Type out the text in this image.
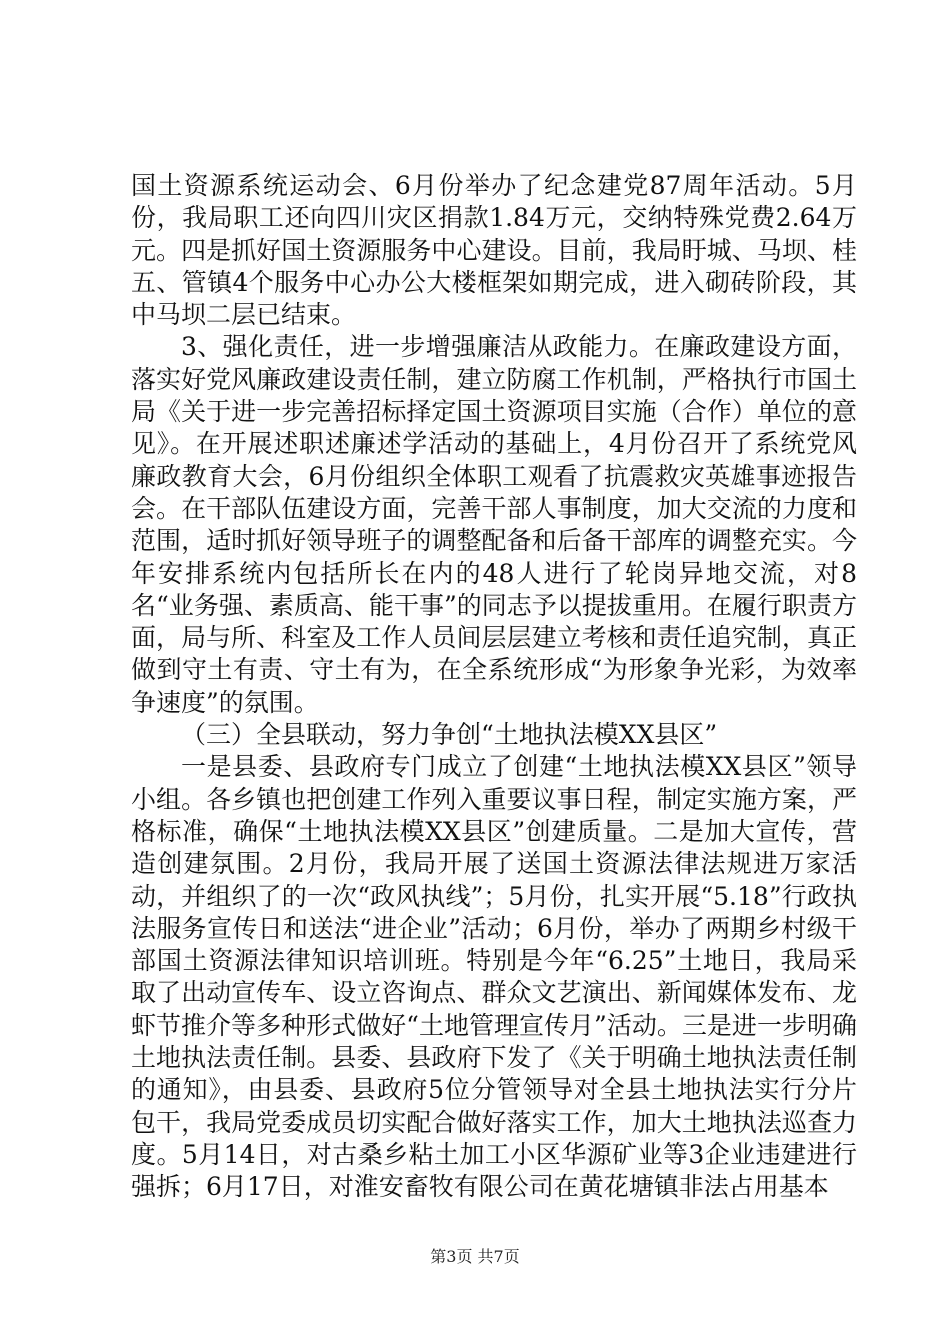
国土资源系统运动会、6月份举办了纪念建党87周年活动。5月份，我局职工还向四川灾区捐款1.84万元，交纳特殊党费2.64万元。四是抓好国土资源服务中心建设。目前，我局盱城、马坝、桂五、管镇4个服务中心办公大楼框架如期完成，进入砌砖阶段，其中马坝二层已结束。

3、强化责任，进一步增强廉洁从政能力。在廉政建设方面，落实好党风廉政建设责任制，建立防腐工作机制，严格执行市国土局《关于进一步完善招标择定国土资源项目实施（合作）单位的意见》。在开展述职述廉述学活动的基础上，4月份召开了系统党风廉政教育大会，6月份组织全体职工观看了抗震救灾英雄事迹报告会。在干部队伍建设方面，完善干部人事制度，加大交流的力度和范围，适时抓好领导班子的调整配备和后备干部库的调整充实。今年安排系统内包括所长在内的48人进行了轮岗异地交流，对8名“业务强、素质高、能干事”的同志予以提拔重用。在履行职责方面，局与所、科室及工作人员间层层建立考核和责任追究制，真正做到守土有责、守土有为，在全系统形成“为形象争光彩，为效率争速度”的氛围。

（三）全县联动，努力争创“土地执法模XX县区”

一是县委、县政府专门成立了创建“土地执法模XX县区”领导小组。各乡镇也把创建工作列入重要议事日程，制定实施方案，严格标准，确保“土地执法模XX县区”创建质量。二是加大宣传，营造创建氛围。2月份，我局开展了送国土资源法律法规进万家活动，并组织了的一次“政风执线”；5月份，扎实开展“5.18”行政执法服务宣传日和送法“进企业”活动；6月份，举办了两期乡村级干部国土资源法律知识培训班。特别是今年“6.25”土地日，我局采取了出动宣传车、设立咨询点、群众文艺演出、新闻媒体发布、龙虾节推介等多种形式做好“土地管理宣传月”活动。三是进一步明确土地执法责任制。县委、县政府下发了《关于明确土地执法责任制的通知》，由县委、县政府5位分管领导对全县土地执法实行分片包干，我局党委成员切实配合做好落实工作，加大土地执法巡查力度。5月14日，对古桑乡粘土加工小区华源矿业等3企业违建进行强拆；6月17日，对淮安畜牧有限公司在黄花塘镇非法占用基本

第3页 共7页
